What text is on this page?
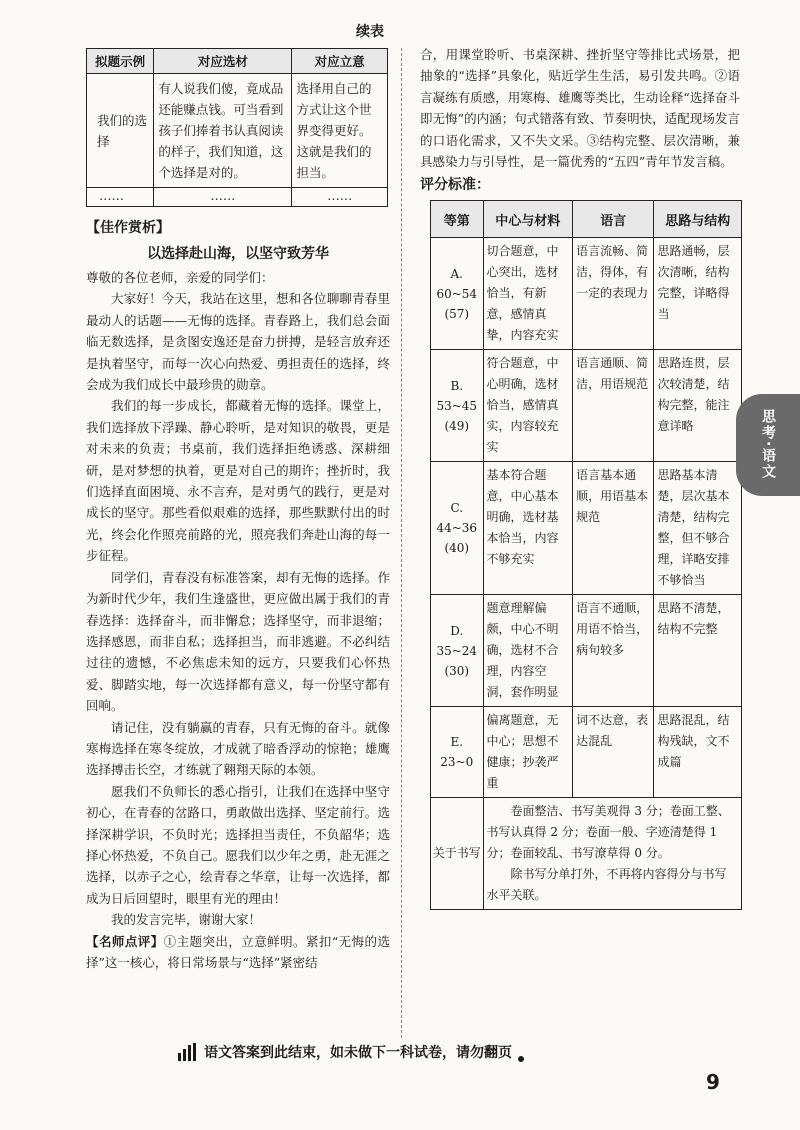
续表
拟题示例	对应选材	对应立意
我们的选择	有人说我们傻，竟成品还能赚点钱。可当看到孩子们捧着书认真阅读的样子，我们知道，这个选择是对的。	选择用自己的方式让这个世界变得更好。这就是我们的担当。
……	……	……
【佳作赏析】
以选择赴山海，以坚守致芳华

尊敬的各位老师，亲爱的同学们：

大家好！今天，我站在这里，想和各位聊聊青春里最动人的话题——无悔的选择。青春路上，我们总会面临无数选择，是贪图安逸还是奋力拼搏，是轻言放弃还是执着坚守，而每一次心向热爱、勇担责任的选择，终会成为我们成长中最珍贵的勋章。

我们的每一步成长，都藏着无悔的选择。课堂上，我们选择放下浮躁、静心聆听，是对知识的敬畏，更是对未来的负责；书桌前，我们选择拒绝诱惑、深耕细研，是对梦想的执着，更是对自己的期许；挫折时，我们选择直面困境、永不言弃，是对勇气的践行，更是对成长的坚守。那些看似艰难的选择，那些默默付出的时光，终会化作照亮前路的光，照亮我们奔赴山海的每一步征程。

同学们，青春没有标准答案，却有无悔的选择。作为新时代少年，我们生逢盛世，更应做出属于我们的青春选择：选择奋斗，而非懈怠；选择坚守，而非退缩；选择感恩，而非自私；选择担当，而非逃避。不必纠结过往的遗憾，不必焦虑未知的远方，只要我们心怀热爱、脚踏实地，每一次选择都有意义，每一份坚守都有回响。

请记住，没有躺赢的青春，只有无悔的奋斗。就像寒梅选择在寒冬绽放，才成就了暗香浮动的惊艳；雄鹰选择搏击长空，才练就了翱翔天际的本领。

愿我们不负师长的悉心指引，让我们在选择中坚守初心，在青春的岔路口，勇敢做出选择、坚定前行。选择深耕学识，不负时光；选择担当责任，不负韶华；选择心怀热爱，不负自己。愿我们以少年之勇，赴无涯之选择，以赤子之心，绘青春之华章，让每一次选择，都成为日后回望时，眼里有光的理由！

我的发言完毕，谢谢大家！

【名师点评】①主题突出，立意鲜明。紧扣“无悔的选择”这一核心，将日常场景与“选择”紧密结

合，用课堂聆听、书桌深耕、挫折坚守等排比式场景，把抽象的“选择”具象化，贴近学生生活，易引发共鸣。②语言凝练有质感，用寒梅、雄鹰等类比，生动诠释“选择奋斗即无悔”的内涵；句式错落有致、节奏明快，适配现场发言的口语化需求，又不失文采。③结构完整、层次清晰，兼具感染力与引导性，是一篇优秀的“五四”青年节发言稿。

评分标准：
等第	中心与材料	语言	思路与结构

A. 60~54
(57)	切合题意，中心突出，选材恰当，有新意，感情真挚，内容充实	语言流畅、简洁，得体，有一定的表现力	思路通畅，层次清晰，结构完整，详略得当

B. 53~45
(49)	符合题意，中心明确，选材恰当，感情真实，内容较充实	语言通顺、简洁，用语规范	思路连贯，层次较清楚，结构完整，能注意详略

C. 44~36
(40)	基本符合题意，中心基本明确，选材基本恰当，内容不够充实	语言基本通顺，用语基本规范	思路基本清楚，层次基本清楚，结构完整，但不够合理，详略安排不够恰当

D. 35~24
(30)	题意理解偏颇，中心不明确，选材不合理，内容空洞，套作明显	语言不通顺，用语不恰当，病句较多	思路不清楚，结构不完整

E. 23~0	偏离题意，无中心；思想不健康；抄袭严重	词不达意，表达混乱	思路混乱，结构残缺，文不成篇
关于书写	卷面整洁、书写美观得 3 分；卷面工整、书写认真得 2 分；卷面一般、字迹清楚得 1 分；卷面较乱、书写潦草得 0 分。

除书写分单打外，不再将内容得分与书写水平关联。		

思考·语文
语文答案到此结束，如未做下一科试卷，请勿翻页
9
